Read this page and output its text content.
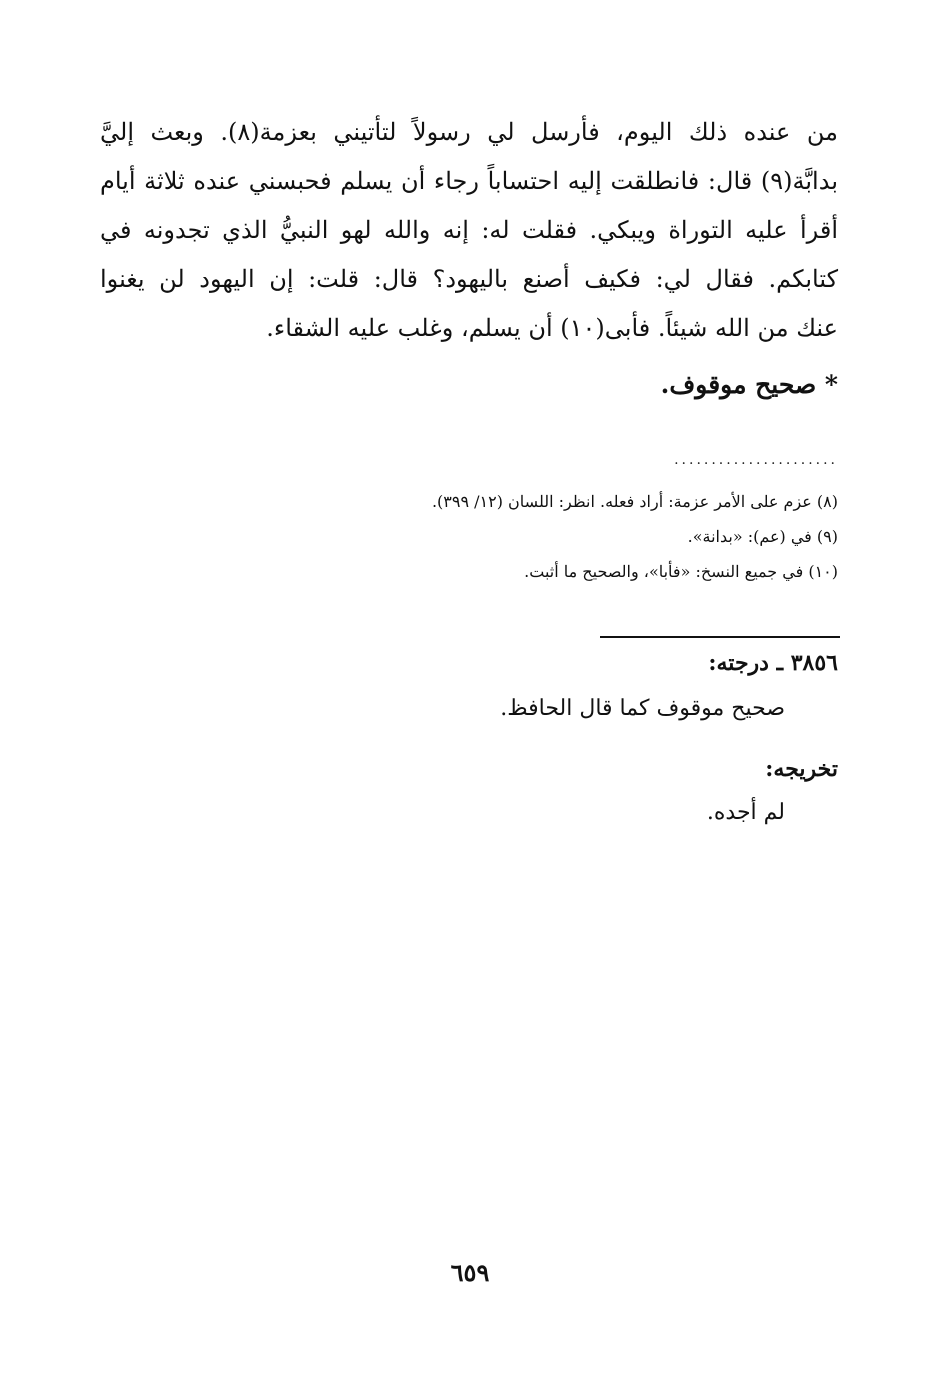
من عنده ذلك اليوم، فأرسل لي رسولاً لتأتيني بعزمة(٨). وبعث إليَّ
بدابَّة(٩) قال: فانطلقت إليه احتساباً رجاء أن يسلم فحبسني عنده ثلاثة أيام
أقرأ عليه التوراة ويبكي. فقلت له: إنه والله لهو النبيُّ الذي تجدونه في
كتابكم. فقال لي: فكيف أصنع باليهود؟ قال: قلت: إن اليهود لن يغنوا
عنك من الله شيئاً. فأبى(١٠) أن يسلم، وغلب عليه الشقاء.
* صحيح موقوف.
......................
(٨) عزم على الأمر عزمة: أراد فعله. انظر: اللسان (١٢/ ٣٩٩).
(٩) في (عم): «بدانة».
(١٠) في جميع النسخ: «فأبا»، والصحيح ما أثبت.
٣٨٥٦ ـ درجته:
صحيح موقوف كما قال الحافظ.
تخريجه:
لم أجده.
٦٥٩
